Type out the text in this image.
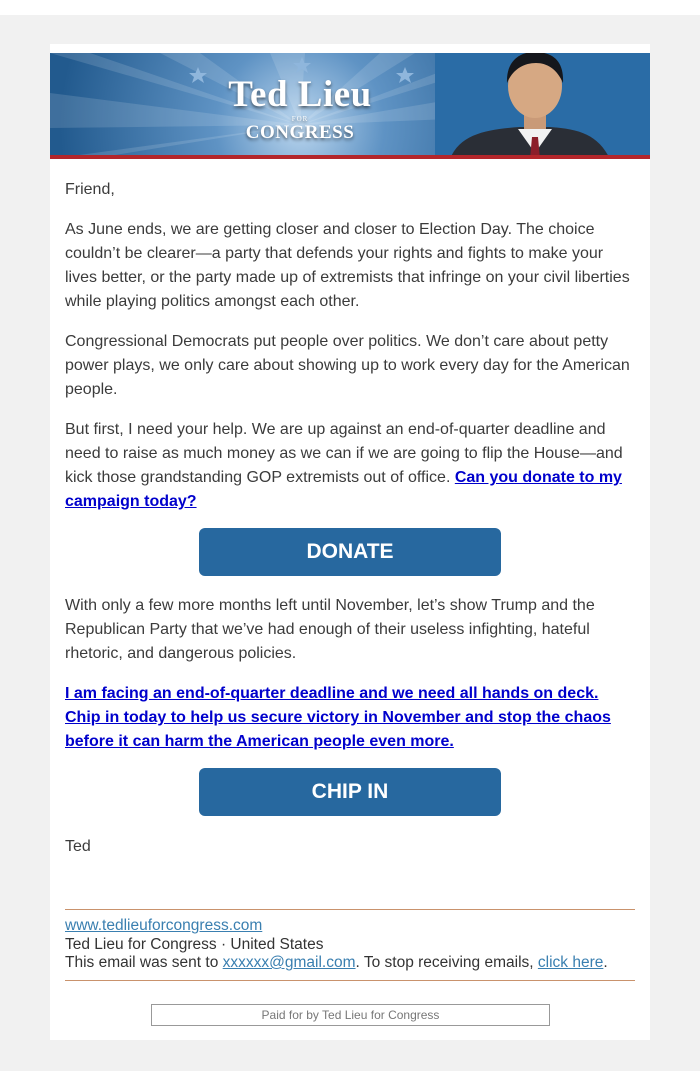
Ted Lieu
FOR
CONGRESS

Friend,

As June ends, we are getting closer and closer to Election Day. The choice couldn’t be clearer—a party that defends your rights and fights to make your lives better, or the party made up of extremists that infringe on your civil liberties while playing politics amongst each other.

Congressional Democrats put people over politics. We don’t care about petty power plays, we only care about showing up to work every day for the American people.

But first, I need your help. We are up against an end-of-quarter deadline and need to raise as much money as we can if we are going to flip the House—and kick those grandstanding GOP extremists out of office. Can you donate to my campaign today?

DONATE

With only a few more months left until November, let’s show Trump and the Republican Party that we’ve had enough of their useless infighting, hateful rhetoric, and dangerous policies.

I am facing an end-of-quarter deadline and we need all hands on deck. Chip in today to help us secure victory in November and stop the chaos before it can harm the American people even more.

CHIP IN

Ted

www.tedlieuforcongress.com
Ted Lieu for Congress · United States
This email was sent to xxxxxx@gmail.com. To stop receiving emails, click here.
Paid for by Ted Lieu for Congress
